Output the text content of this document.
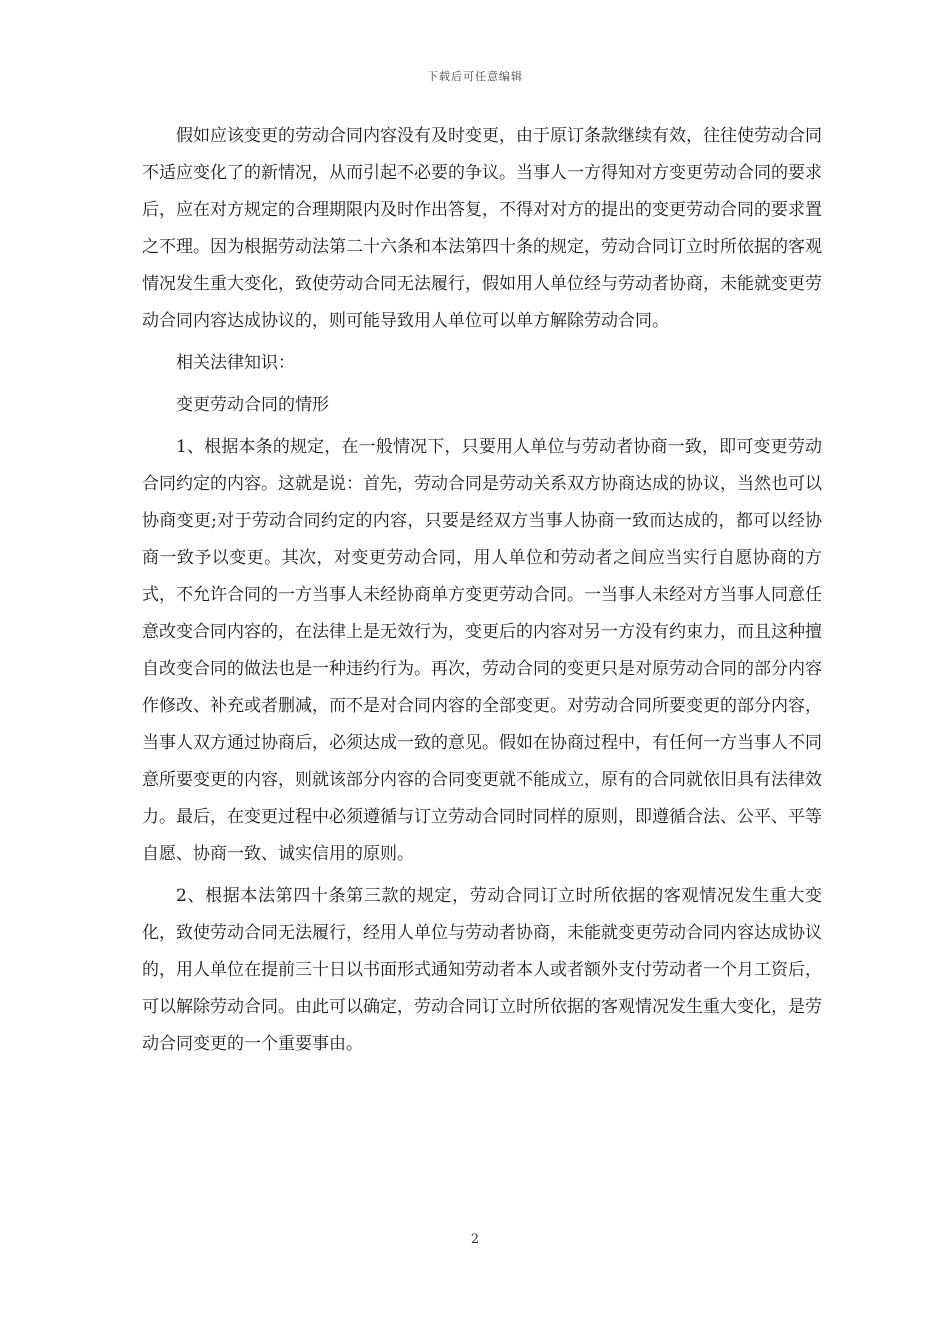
下载后可任意编辑

假如应该变更的劳动合同内容没有及时变更，由于原订条款继续有效，往往使劳动合同不适应变化了的新情况，从而引起不必要的争议。当事人一方得知对方变更劳动合同的要求后，应在对方规定的合理期限内及时作出答复，不得对对方的提出的变更劳动合同的要求置之不理。因为根据劳动法第二十六条和本法第四十条的规定，劳动合同订立时所依据的客观情况发生重大变化，致使劳动合同无法履行，假如用人单位经与劳动者协商，未能就变更劳动合同内容达成协议的，则可能导致用人单位可以单方解除劳动合同。

相关法律知识：

变更劳动合同的情形

1、根据本条的规定，在一般情况下，只要用人单位与劳动者协商一致，即可变更劳动合同约定的内容。这就是说：首先，劳动合同是劳动关系双方协商达成的协议，当然也可以协商变更;对于劳动合同约定的内容，只要是经双方当事人协商一致而达成的，都可以经协商一致予以变更。其次，对变更劳动合同，用人单位和劳动者之间应当实行自愿协商的方式，不允许合同的一方当事人未经协商单方变更劳动合同。一当事人未经对方当事人同意任意改变合同内容的，在法律上是无效行为，变更后的内容对另一方没有约束力，而且这种擅自改变合同的做法也是一种违约行为。再次，劳动合同的变更只是对原劳动合同的部分内容作修改、补充或者删减，而不是对合同内容的全部变更。对劳动合同所要变更的部分内容，当事人双方通过协商后，必须达成一致的意见。假如在协商过程中，有任何一方当事人不同意所要变更的内容，则就该部分内容的合同变更就不能成立，原有的合同就依旧具有法律效力。最后，在变更过程中必须遵循与订立劳动合同时同样的原则，即遵循合法、公平、平等自愿、协商一致、诚实信用的原则。

2、根据本法第四十条第三款的规定，劳动合同订立时所依据的客观情况发生重大变化，致使劳动合同无法履行，经用人单位与劳动者协商，未能就变更劳动合同内容达成协议的，用人单位在提前三十日以书面形式通知劳动者本人或者额外支付劳动者一个月工资后，可以解除劳动合同。由此可以确定，劳动合同订立时所依据的客观情况发生重大变化，是劳动合同变更的一个重要事由。

2
